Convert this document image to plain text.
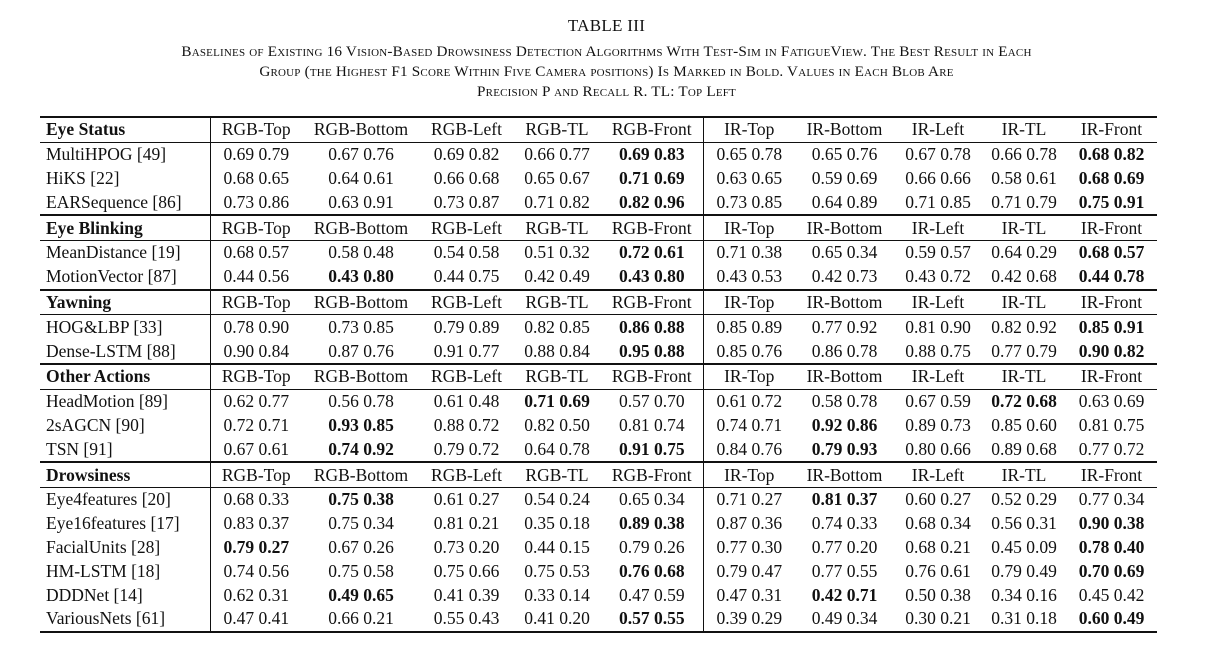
TABLE III
Baselines of Existing 16 Vision-Based Drowsiness Detection Algorithms With Test-Sim in FatigueView. The Best Result in Each
Group (the Highest F1 Score Within Five Camera positions) Is Marked in Bold. Values in Each Blob Are
Precision P and Recall R. TL: Top Left
Eye Status	RGB-Top	RGB-Bottom	RGB-Left	RGB-TL	RGB-Front	IR-Top	IR-Bottom	IR-Left	IR-TL	IR-Front
MultiHPOG [49]	0.69 0.79	0.67 0.76	0.69 0.82	0.66 0.77	0.69 0.83	0.65 0.78	0.65 0.76	0.67 0.78	0.66 0.78	0.68 0.82
HiKS [22]	0.68 0.65	0.64 0.61	0.66 0.68	0.65 0.67	0.71 0.69	0.63 0.65	0.59 0.69	0.66 0.66	0.58 0.61	0.68 0.69
EARSequence [86]	0.73 0.86	0.63 0.91	0.73 0.87	0.71 0.82	0.82 0.96	0.73 0.85	0.64 0.89	0.71 0.85	0.71 0.79	0.75 0.91
Eye Blinking	RGB-Top	RGB-Bottom	RGB-Left	RGB-TL	RGB-Front	IR-Top	IR-Bottom	IR-Left	IR-TL	IR-Front
MeanDistance [19]	0.68 0.57	0.58 0.48	0.54 0.58	0.51 0.32	0.72 0.61	0.71 0.38	0.65 0.34	0.59 0.57	0.64 0.29	0.68 0.57
MotionVector [87]	0.44 0.56	0.43 0.80	0.44 0.75	0.42 0.49	0.43 0.80	0.43 0.53	0.42 0.73	0.43 0.72	0.42 0.68	0.44 0.78
Yawning	RGB-Top	RGB-Bottom	RGB-Left	RGB-TL	RGB-Front	IR-Top	IR-Bottom	IR-Left	IR-TL	IR-Front
HOG&LBP [33]	0.78 0.90	0.73 0.85	0.79 0.89	0.82 0.85	0.86 0.88	0.85 0.89	0.77 0.92	0.81 0.90	0.82 0.92	0.85 0.91
Dense-LSTM [88]	0.90 0.84	0.87 0.76	0.91 0.77	0.88 0.84	0.95 0.88	0.85 0.76	0.86 0.78	0.88 0.75	0.77 0.79	0.90 0.82
Other Actions	RGB-Top	RGB-Bottom	RGB-Left	RGB-TL	RGB-Front	IR-Top	IR-Bottom	IR-Left	IR-TL	IR-Front
HeadMotion [89]	0.62 0.77	0.56 0.78	0.61 0.48	0.71 0.69	0.57 0.70	0.61 0.72	0.58 0.78	0.67 0.59	0.72 0.68	0.63 0.69
2sAGCN [90]	0.72 0.71	0.93 0.85	0.88 0.72	0.82 0.50	0.81 0.74	0.74 0.71	0.92 0.86	0.89 0.73	0.85 0.60	0.81 0.75
TSN [91]	0.67 0.61	0.74 0.92	0.79 0.72	0.64 0.78	0.91 0.75	0.84 0.76	0.79 0.93	0.80 0.66	0.89 0.68	0.77 0.72
Drowsiness	RGB-Top	RGB-Bottom	RGB-Left	RGB-TL	RGB-Front	IR-Top	IR-Bottom	IR-Left	IR-TL	IR-Front
Eye4features [20]	0.68 0.33	0.75 0.38	0.61 0.27	0.54 0.24	0.65 0.34	0.71 0.27	0.81 0.37	0.60 0.27	0.52 0.29	0.77 0.34
Eye16features [17]	0.83 0.37	0.75 0.34	0.81 0.21	0.35 0.18	0.89 0.38	0.87 0.36	0.74 0.33	0.68 0.34	0.56 0.31	0.90 0.38
FacialUnits [28]	0.79 0.27	0.67 0.26	0.73 0.20	0.44 0.15	0.79 0.26	0.77 0.30	0.77 0.20	0.68 0.21	0.45 0.09	0.78 0.40
HM-LSTM [18]	0.74 0.56	0.75 0.58	0.75 0.66	0.75 0.53	0.76 0.68	0.79 0.47	0.77 0.55	0.76 0.61	0.79 0.49	0.70 0.69
DDDNet [14]	0.62 0.31	0.49 0.65	0.41 0.39	0.33 0.14	0.47 0.59	0.47 0.31	0.42 0.71	0.50 0.38	0.34 0.16	0.45 0.42
VariousNets [61]	0.47 0.41	0.66 0.21	0.55 0.43	0.41 0.20	0.57 0.55	0.39 0.29	0.49 0.34	0.30 0.21	0.31 0.18	0.60 0.49
